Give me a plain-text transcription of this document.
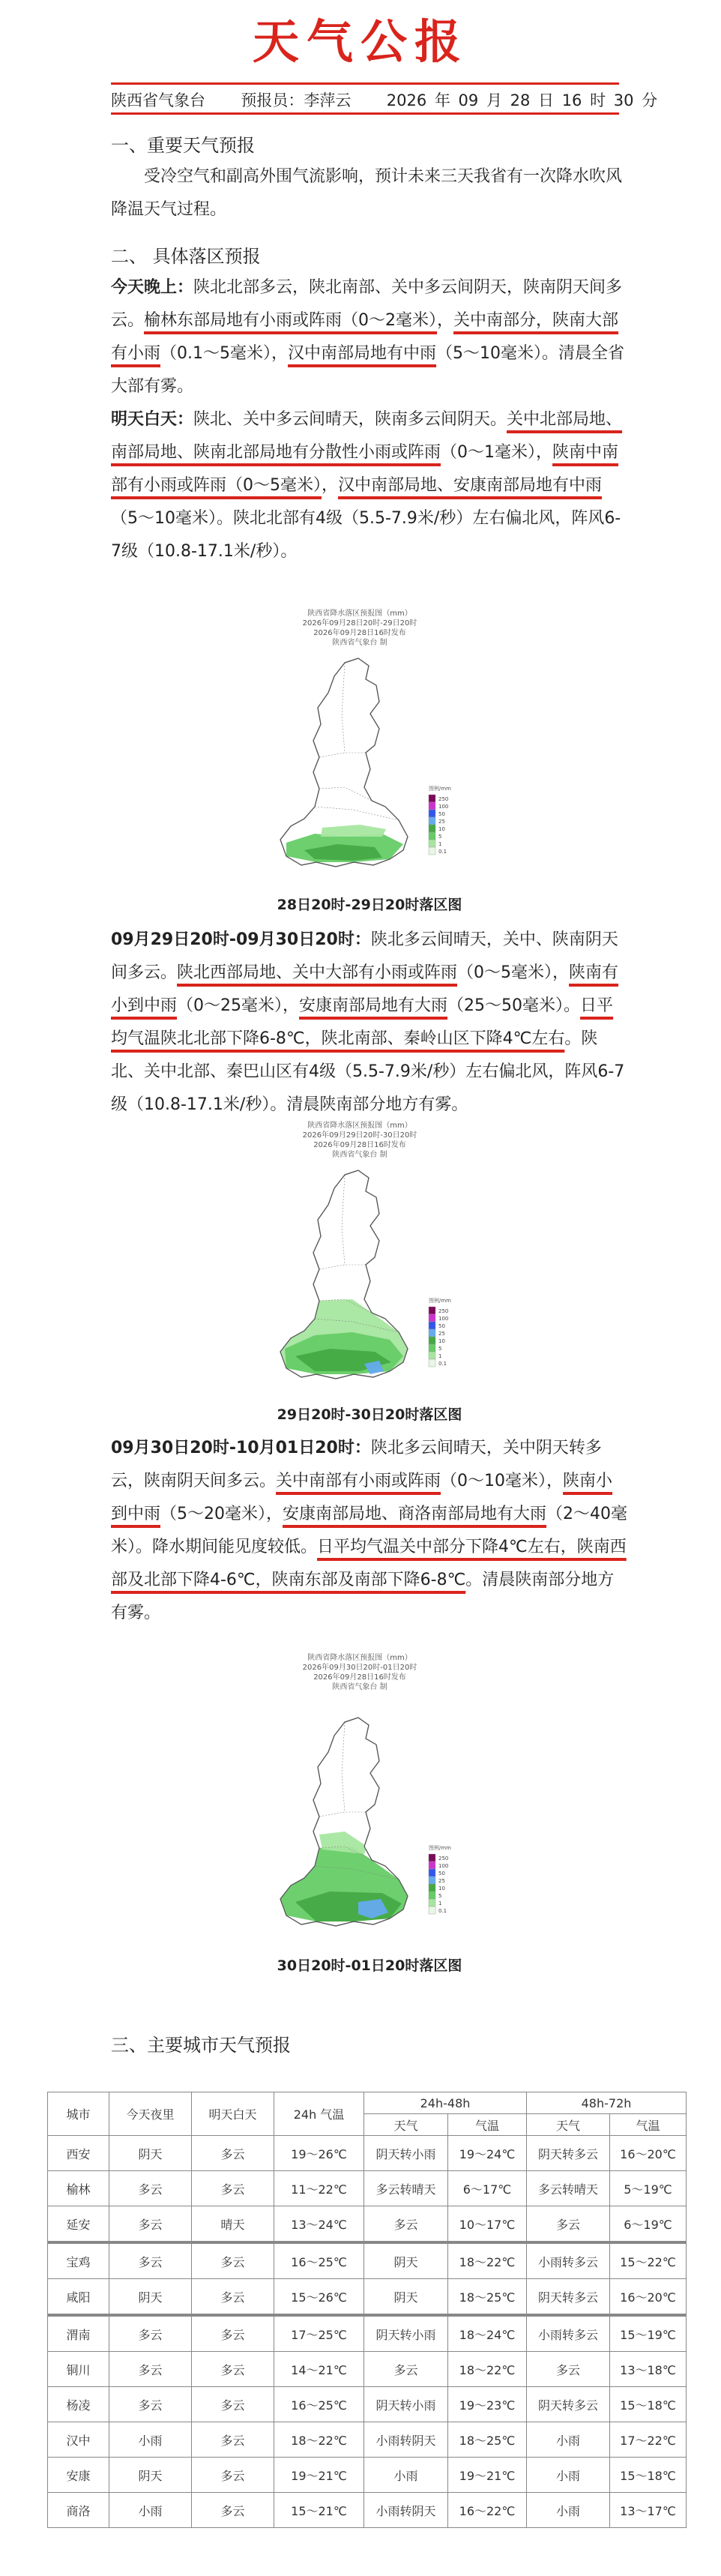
天气公报
陕西省气象台 预报员：李萍云 2026 年 09 月 28 日 16 时 30 分
一、重要天气预报
受冷空气和副高外围气流影响，预计未来三天我省有一次降水吹风降温天气过程。
二、 具体落区预报
今天晚上：陕北北部多云，陕北南部、关中多云间阴天，陕南阴天间多云。榆林东部局地有小雨或阵雨（0～2毫米），关中南部分，陕南大部有小雨（0.1～5毫米），汉中南部局地有中雨（5～10毫米）。清晨全省大部有雾。
明天白天：陕北、关中多云间晴天，陕南多云间阴天。关中北部局地、南部局地、陕南北部局地有分散性小雨或阵雨（0～1毫米），陕南中南部有小雨或阵雨（0～5毫米），汉中南部局地、安康南部局地有中雨（5～10毫米）。陕北北部有4级（5.5-7.9米/秒）左右偏北风，阵风6-7级（10.8-17.1米/秒）。
陕西省降水落区预报图（mm）
2026年09月28日20时-29日20时
2026年09月28日16时发布
陕西省气象台 制
图例/mm
250
100
50
25
10
5
1
0.1
28日20时-29日20时落区图
09月29日20时-09月30日20时：陕北多云间晴天，关中、陕南阴天间多云。陕北西部局地、关中大部有小雨或阵雨（0～5毫米），陕南有小到中雨（0～25毫米），安康南部局地有大雨（25～50毫米）。日平均气温陕北北部下降6-8℃，陕北南部、秦岭山区下降4℃左右。陕北、关中北部、秦巴山区有4级（5.5-7.9米/秒）左右偏北风，阵风6-7级（10.8-17.1米/秒）。清晨陕南部分地方有雾。
陕西省降水落区预报图（mm）
2026年09月29日20时-30日20时
2026年09月28日16时发布
陕西省气象台 制
图例/mm
250
100
50
25
10
5
1
0.1
29日20时-30日20时落区图
09月30日20时-10月01日20时：陕北多云间晴天，关中阴天转多云，陕南阴天间多云。关中南部有小雨或阵雨（0～10毫米），陕南小到中雨（5～20毫米），安康南部局地、商洛南部局地有大雨（2～40毫米）。降水期间能见度较低。日平均气温关中部分下降4℃左右，陕南西部及北部下降4-6℃，陕南东部及南部下降6-8℃。清晨陕南部分地方有雾。
陕西省降水落区预报图（mm）
2026年09月30日20时-01日20时
2026年09月28日16时发布
陕西省气象台 制
图例/mm
250
100
50
25
10
5
1
0.1
30日20时-01日20时落区图
三、主要城市天气预报
城市	今天夜里	明天白天	24h 气温	24h-48h		48h-72h	
				天气	气温	天气	气温
西安	阴天	多云	19～26℃	阴天转小雨	19～24℃	阴天转多云	16～20℃
榆林	多云	多云	11～22℃	多云转晴天	6～17℃	多云转晴天	5～19℃
延安	多云	晴天	13～24℃	多云	10～17℃	多云	6～19℃
宝鸡	多云	多云	16～25℃	阴天	18～22℃	小雨转多云	15～22℃
咸阳	阴天	多云	15～26℃	阴天	18～25℃	阴天转多云	16～20℃
渭南	多云	多云	17～25℃	阴天转小雨	18～24℃	小雨转多云	15～19℃
铜川	多云	多云	14～21℃	多云	18～22℃	多云	13～18℃
杨凌	多云	多云	16～25℃	阴天转小雨	19～23℃	阴天转多云	15～18℃
汉中	小雨	多云	18～22℃	小雨转阴天	18～25℃	小雨	17～22℃
安康	阴天	多云	19～21℃	小雨	19～21℃	小雨	15～18℃
商洛	小雨	多云	15～21℃	小雨转阴天	16～22℃	小雨	13～17℃
